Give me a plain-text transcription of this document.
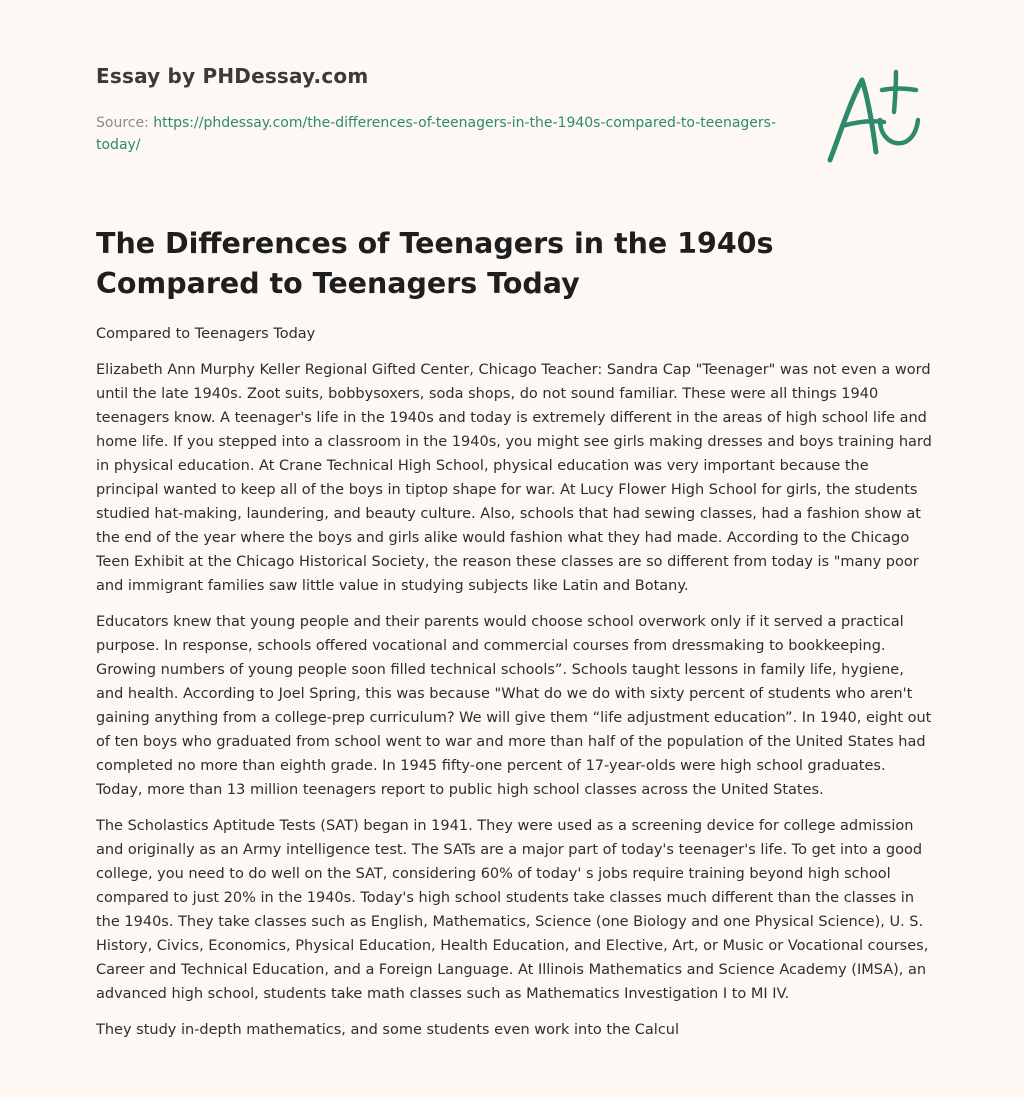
Essay by PHDessay.com
Source: https://phdessay.com/the-differences-of-teenagers-in-the-1940s-compared-to-teenagers-today/
The Differences of Teenagers in the 1940s Compared to Teenagers Today

Compared to Teenagers Today

Elizabeth Ann Murphy Keller Regional Gifted Center, Chicago Teacher: Sandra Cap "Teenager" was not even a word until the late 1940s. Zoot suits, bobbysoxers, soda shops, do not sound familiar. These were all things 1940 teenagers know. A teenager's life in the 1940s and today is extremely different in the areas of high school life and home life. If you stepped into a classroom in the 1940s, you might see girls making dresses and boys training hard in physical education. At Crane Technical High School, physical education was very important because the principal wanted to keep all of the boys in tiptop shape for war. At Lucy Flower High School for girls, the students studied hat-making, laundering, and beauty culture. Also, schools that had sewing classes, had a fashion show at the end of the year where the boys and girls alike would fashion what they had made. According to the Chicago Teen Exhibit at the Chicago Historical Society, the reason these classes are so different from today is "many poor and immigrant families saw little value in studying subjects like Latin and Botany.

Educators knew that young people and their parents would choose school overwork only if it served a practical purpose. In response, schools offered vocational and commercial courses from dressmaking to bookkeeping. Growing numbers of young people soon filled technical schools”. Schools taught lessons in family life, hygiene, and health. According to Joel Spring, this was because "What do we do with sixty percent of students who aren't gaining anything from a college-prep curriculum? We will give them “life adjustment education”. In 1940, eight out of ten boys who graduated from school went to war and more than half of the population of the United States had completed no more than eighth grade. In 1945 fifty-one percent of 17-year-olds were high school graduates. Today, more than 13 million teenagers report to public high school classes across the United States.

The Scholastics Aptitude Tests (SAT) began in 1941. They were used as a screening device for college admission and originally as an Army intelligence test. The SATs are a major part of today's teenager's life. To get into a good college, you need to do well on the SAT, considering 60% of today' s jobs require training beyond high school compared to just 20% in the 1940s. Today's high school students take classes much different than the classes in the 1940s. They take classes such as English, Mathematics, Science (one Biology and one Physical Science), U. S. History, Civics, Economics, Physical Education, Health Education, and Elective, Art, or Music or Vocational courses, Career and Technical Education, and a Foreign Language. At Illinois Mathematics and Science Academy (IMSA), an advanced high school, students take math classes such as Mathematics Investigation I to MI IV.

They study in-depth mathematics, and some students even work into the Calcul
